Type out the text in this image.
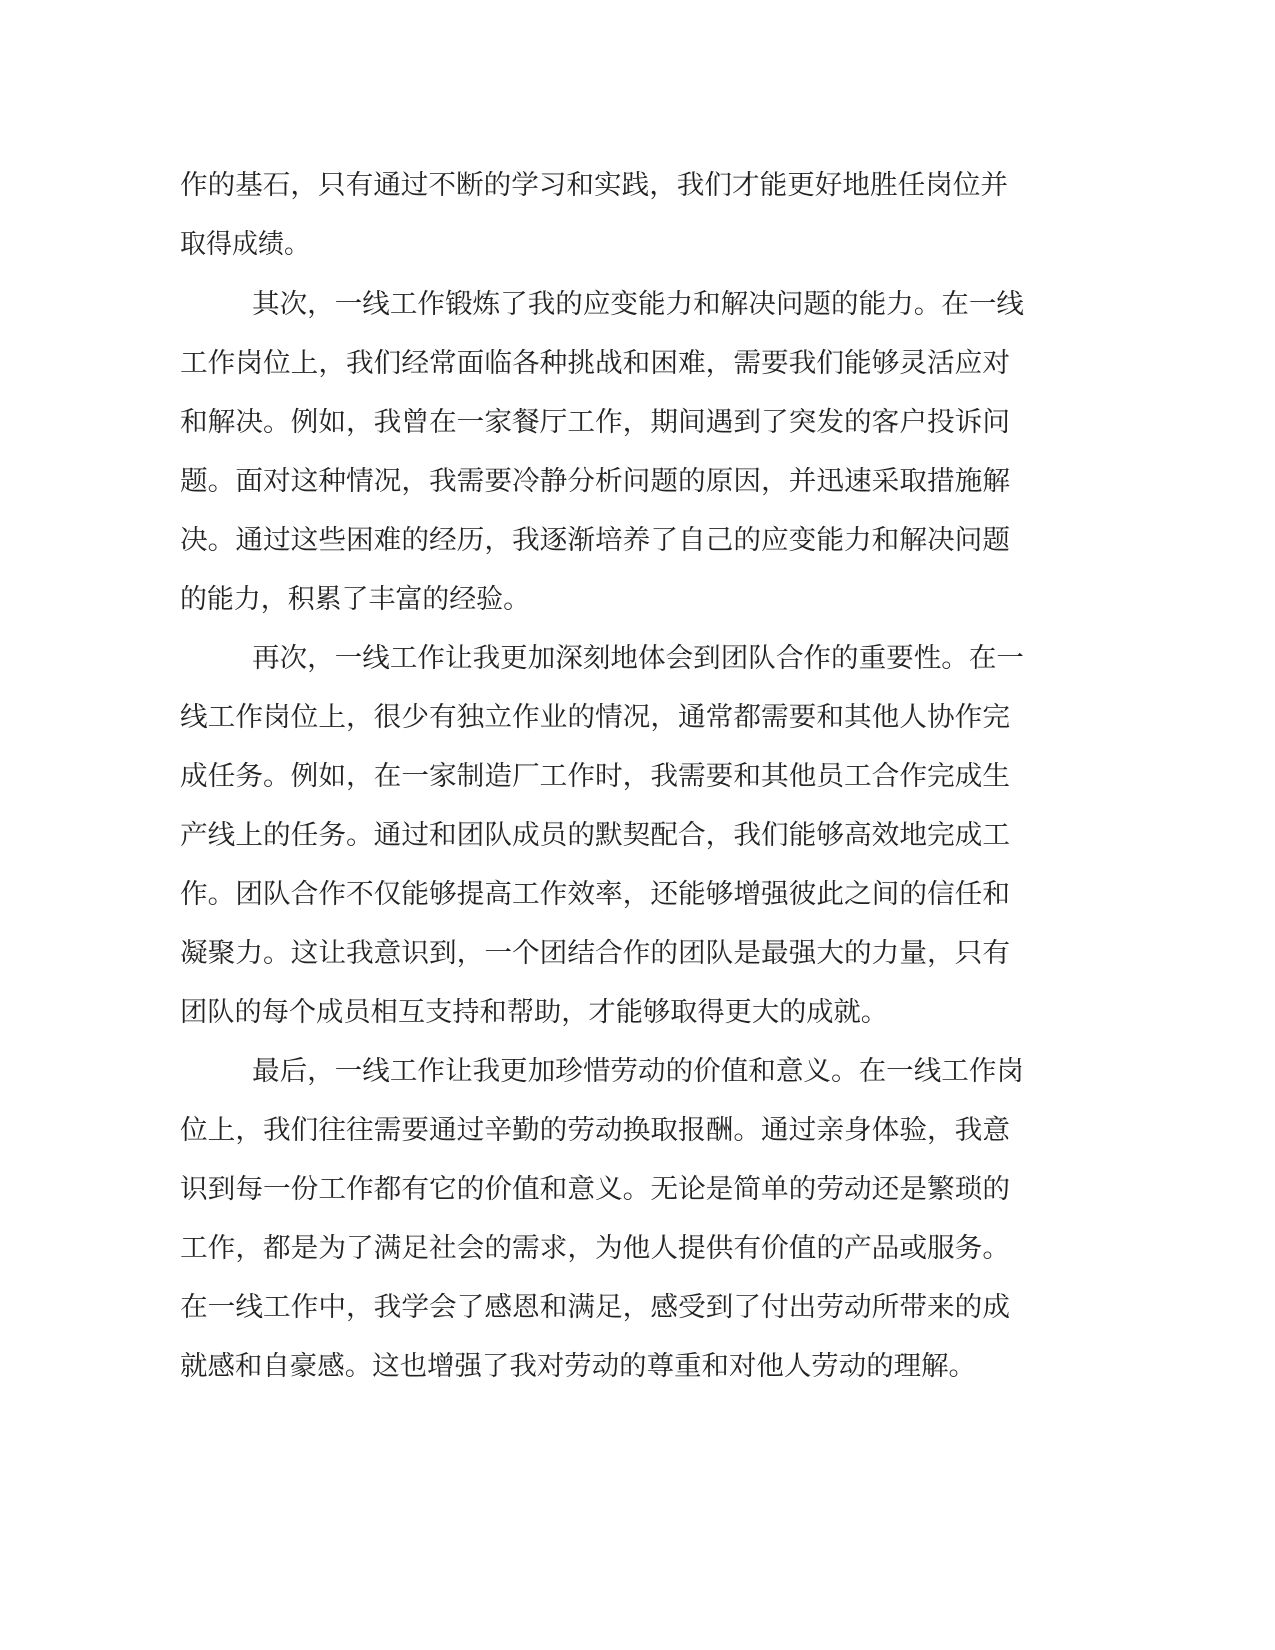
作的基石，只有通过不断的学习和实践，我们才能更好地胜任岗位并
取得成绩。
其次，一线工作锻炼了我的应变能力和解决问题的能力。在一线
工作岗位上，我们经常面临各种挑战和困难，需要我们能够灵活应对
和解决。例如，我曾在一家餐厅工作，期间遇到了突发的客户投诉问
题。面对这种情况，我需要冷静分析问题的原因，并迅速采取措施解
决。通过这些困难的经历，我逐渐培养了自己的应变能力和解决问题
的能力，积累了丰富的经验。
再次，一线工作让我更加深刻地体会到团队合作的重要性。在一
线工作岗位上，很少有独立作业的情况，通常都需要和其他人协作完
成任务。例如，在一家制造厂工作时，我需要和其他员工合作完成生
产线上的任务。通过和团队成员的默契配合，我们能够高效地完成工
作。团队合作不仅能够提高工作效率，还能够增强彼此之间的信任和
凝聚力。这让我意识到，一个团结合作的团队是最强大的力量，只有
团队的每个成员相互支持和帮助，才能够取得更大的成就。
最后，一线工作让我更加珍惜劳动的价值和意义。在一线工作岗
位上，我们往往需要通过辛勤的劳动换取报酬。通过亲身体验，我意
识到每一份工作都有它的价值和意义。无论是简单的劳动还是繁琐的
工作，都是为了满足社会的需求，为他人提供有价值的产品或服务。
在一线工作中，我学会了感恩和满足，感受到了付出劳动所带来的成
就感和自豪感。这也增强了我对劳动的尊重和对他人劳动的理解。
